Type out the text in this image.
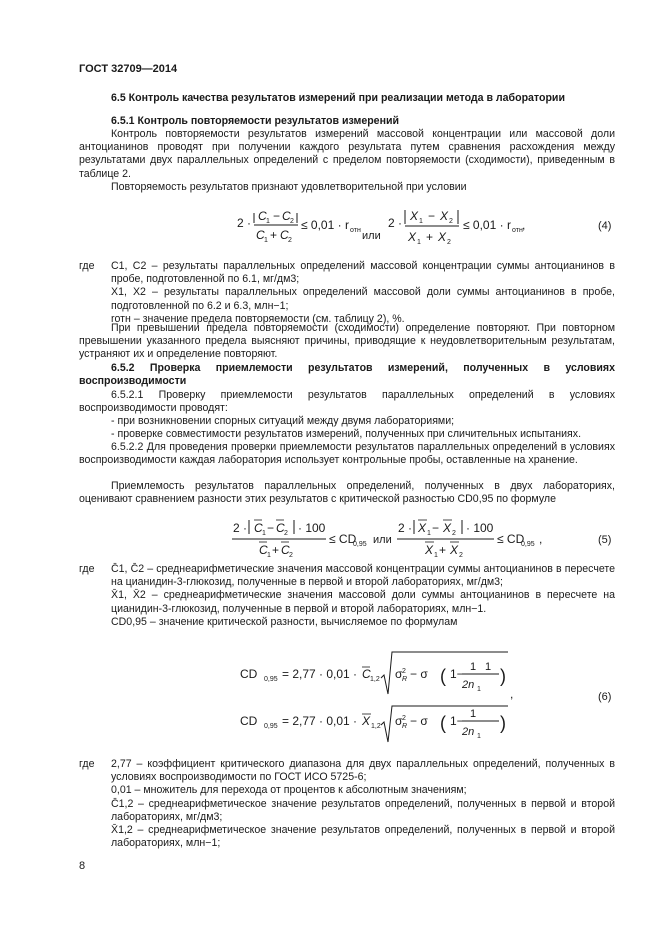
ГОСТ 32709—2014
6.5 Контроль качества результатов измерений при реализации метода в лаборатории
6.5.1 Контроль повторяемости результатов измерений
Контроль повторяемости результатов измерений массовой концентрации или массовой доли антоцианинов проводят при получении каждого результата путем сравнения расхождения между результатами двух параллельных определений с пределом повторяемости (сходимости), приведенным в таблице 2.
Повторяемость результатов признают удовлетворительной при условии
2 · C 1 − C 2
C 1 + C 2
≤ 0,01 · r отн или
2 · X 1 − X 2
X 1 + X 2
≤ 0,01 · r отн ,	(4)
где C1, C2 – результаты параллельных определений массовой концентрации суммы антоцианинов в пробе, подготовленной по 6.1, мг/дм3;

X1, X2 – результаты параллельных определений массовой доли суммы антоцианинов в пробе, подготовленной по 6.2 и 6.3, млн−1;

rотн – значение предела повторяемости (см. таблицу 2), %.

При превышении предела повторяемости (сходимости) определение повторяют. При повторном превышении указанного предела выясняют причины, приводящие к неудовлетворительным результатам, устраняют их и определение повторяют.
6.5.2 Проверка приемлемости результатов измерений, полученных в условиях воспроизводимости
6.5.2.1 Проверку приемлемости результатов параллельных определений в условиях воспроизводимости проводят:
- при возникновении спорных ситуаций между двумя лабораториями;
- проверке совместимости результатов измерений, полученных при сличительных испытаниях.
6.5.2.2 Для проведения проверки приемлемости результатов параллельных определений в условиях воспроизводимости каждая лаборатория использует контрольные пробы, оставленные на хранение.
Приемлемость результатов параллельных определений, полученных в двух лабораториях, оценивают сравнением разности этих результатов с критической разностью CD0,95 по формуле
2 · C 1 − C 2 · 100
C 1 + C 2
≤ CD
0,95 или
2 · X 1 − X 2 · 100
X 1 + X 2
≤ CD
0,95 ,	(5)
где C̄1, C̄2 – среднеарифметические значения массовой концентрации суммы антоцианинов в пересчете на цианидин-3-глюкозид, полученные в первой и второй лабораториях, мг/дм3;

X̄1, X̄2 – среднеарифметические значения массовой доли суммы антоцианинов в пересчете на цианидин-3-глюкозид, полученные в первой и второй лабораториях, млн−1.

CD0,95 – значение критической разности, вычисляемое по формулам

CD 0,95 = 2,77 · 0,01 · C 1,2 σ 2
R − σ ( 1− 1
2n 1
1 )
,
CD 0,95 = 2,77 · 0,01 · X 1,2 σ 2
R − σ ( 1− 1
2n 1
)
(6)
где 2,77 – коэффициент критического диапазона для двух параллельных определений, полученных в условиях воспроизводимости по ГОСТ ИСО 5725-6;

0,01 – множитель для перехода от процентов к абсолютным значениям;

C̄1,2 – среднеарифметическое значение результатов определений, полученных в первой и второй лабораториях, мг/дм3;

X̄1,2 – среднеарифметическое значение результатов определений, полученных в первой и второй лабораториях, млн−1;

8
